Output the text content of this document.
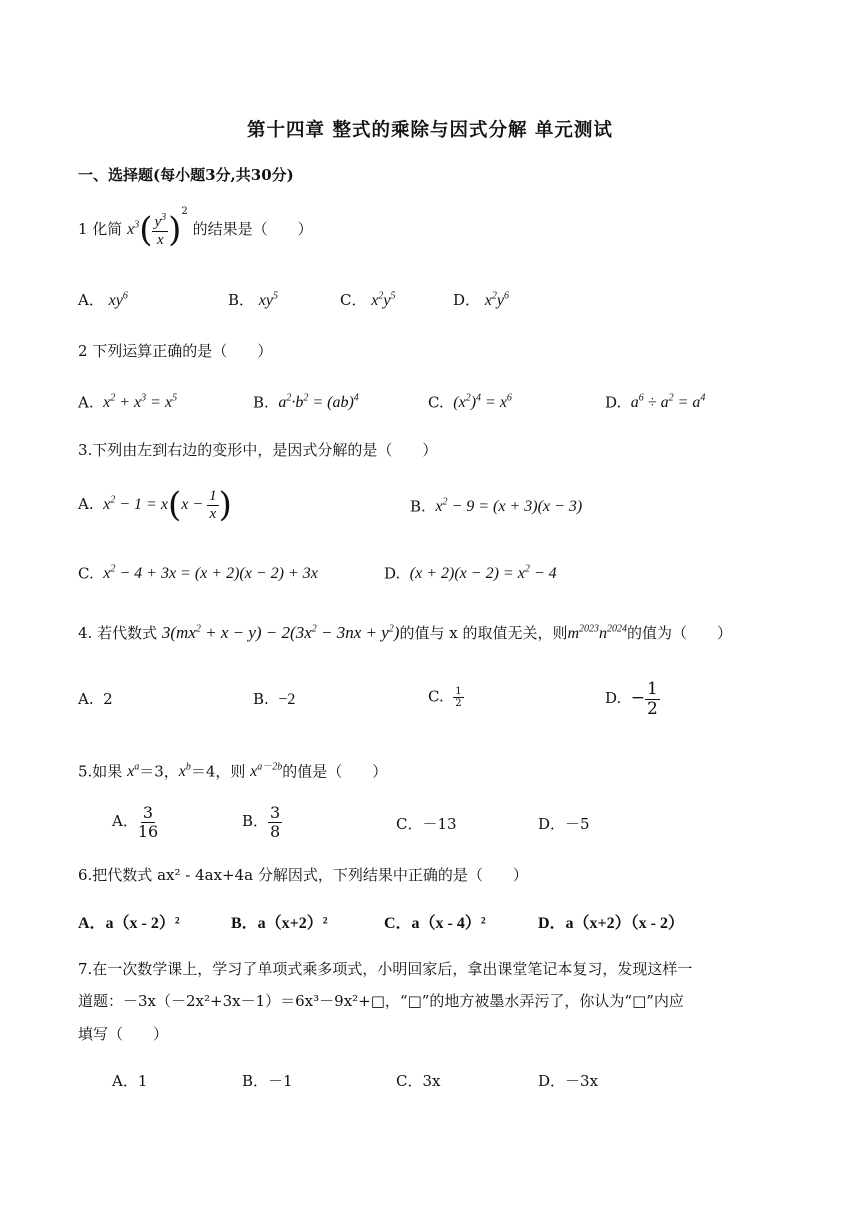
第十四章 整式的乘除与因式分解 单元测试
一、选择题(每小题3分,共30分)
1 化简 $x^3( \frac{y^3}{x} )^2$ 的结果是（　　）
A． $xy^6$	B． $xy^5$	C． $x^2y^5$	D． $x^2y^6$
2 下列运算正确的是（　　）
A.  $x^2 + x^3 = x^5$	B.  $a^2\cdot b^2 = (ab)^4$	C.  $(x^2)^4 = x^6$	D.  $a^6 \div a^2 = a^4$
3.下列由左到右边的变形中，是因式分解的是（　　）
A.  $x^2 - 1 = x(x - \frac{1}{x}$ )	B.  $x^2 - 9 = (x + 3)(x - 3)$
C.  $x^2 - 4 + 3x = (x + 2)(x - 2) + 3x$	D.  $(x + 2)(x - 2) = x^2 - 4$
4. 若代数式 $3(mx^2 + x - y) - 2(3x^2 - 3nx + y^2)$的值与 x 的取值无关，则$m^{2023}n^{2024}$的值为（　　）
A.  2	B.  −2	C. $\frac{1}{2}$	D.  − $\frac{1}{2}$
5.如果 $x^a=3$，$x^b=4$，则 $x^{a-2b}$的值是（　　）
A． $\frac{3}{16}$	B． $\frac{3}{8}$	C．－13	D．－5
6.把代数式 ax² - 4ax+4a 分解因式，下列结果中正确的是（　　）
A．a（x - 2）²	B．a（x+2）²	C．a（x - 4）²	D．a（x+2）（x - 2）
7.在一次数学课上，学习了单项式乘多项式，小明回家后，拿出课堂笔记本复习，发现这样一
道题：－3x（－2x²+3x－1）＝6x³－9x²+□，“□”的地方被墨水弄污了，你认为“□”内应
填写（　　）
A．1	B．－1	C．3x	D．－3x
